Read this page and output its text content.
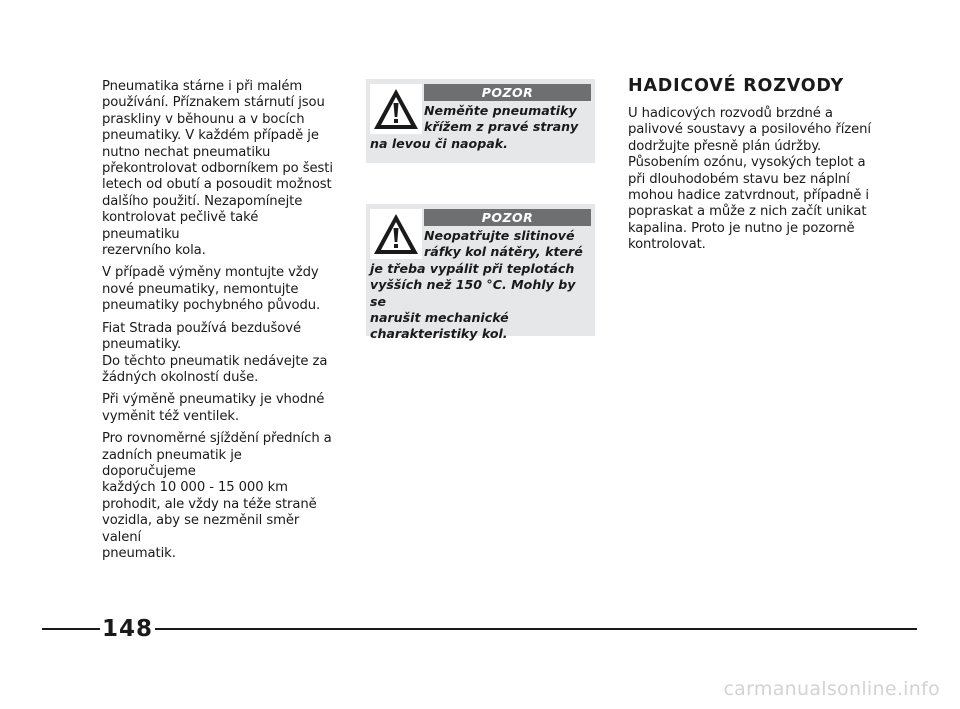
Pneumatika stárne i při malém
používání. Příznakem stárnutí jsou
praskliny v běhounu a v bocích
pneumatiky. V každém případě je
nutno nechat pneumatiku
překontrolovat odborníkem po šesti
letech od obutí a posoudit možnost
dalšího použití. Nezapomínejte
kontrolovat pečlivě také pneumatiku
rezervního kola.

V případě výměny montujte vždy
nové pneumatiky, nemontujte
pneumatiky pochybného původu.

Fiat Strada používá bezdušové
pneumatiky.
Do těchto pneumatik nedávejte za
žádných okolností duše.

Při výměně pneumatiky je vhodné
vyměnit též ventilek.

Pro rovnoměrné sjíždění předních a
zadních pneumatik je doporučujeme
každých 10 000 - 15 000 km
prohodit, ale vždy na téže straně
vozidla, aby se nezměnil směr valení
pneumatik.

POZOR
Neměňte pneumatiky
křížem z pravé strany
na levou či naopak.
POZOR
Neopatřujte slitinové
ráfky kol nátěry, které
je třeba vypálit při teplotách
vyšších než 150 °C. Mohly by se
narušit mechanické
charakteristiky kol.
HADICOVÉ ROZVODY

U hadicových rozvodů brzdné a
palivové soustavy a posilového řízení
dodržujte přesně plán údržby.
Působením ozónu, vysokých teplot a
při dlouhodobém stavu bez náplní
mohou hadice zatvrdnout, případně i
popraskat a může z nich začít unikat
kapalina. Proto je nutno je pozorně
kontrolovat.

148
carmanualsonline.info
